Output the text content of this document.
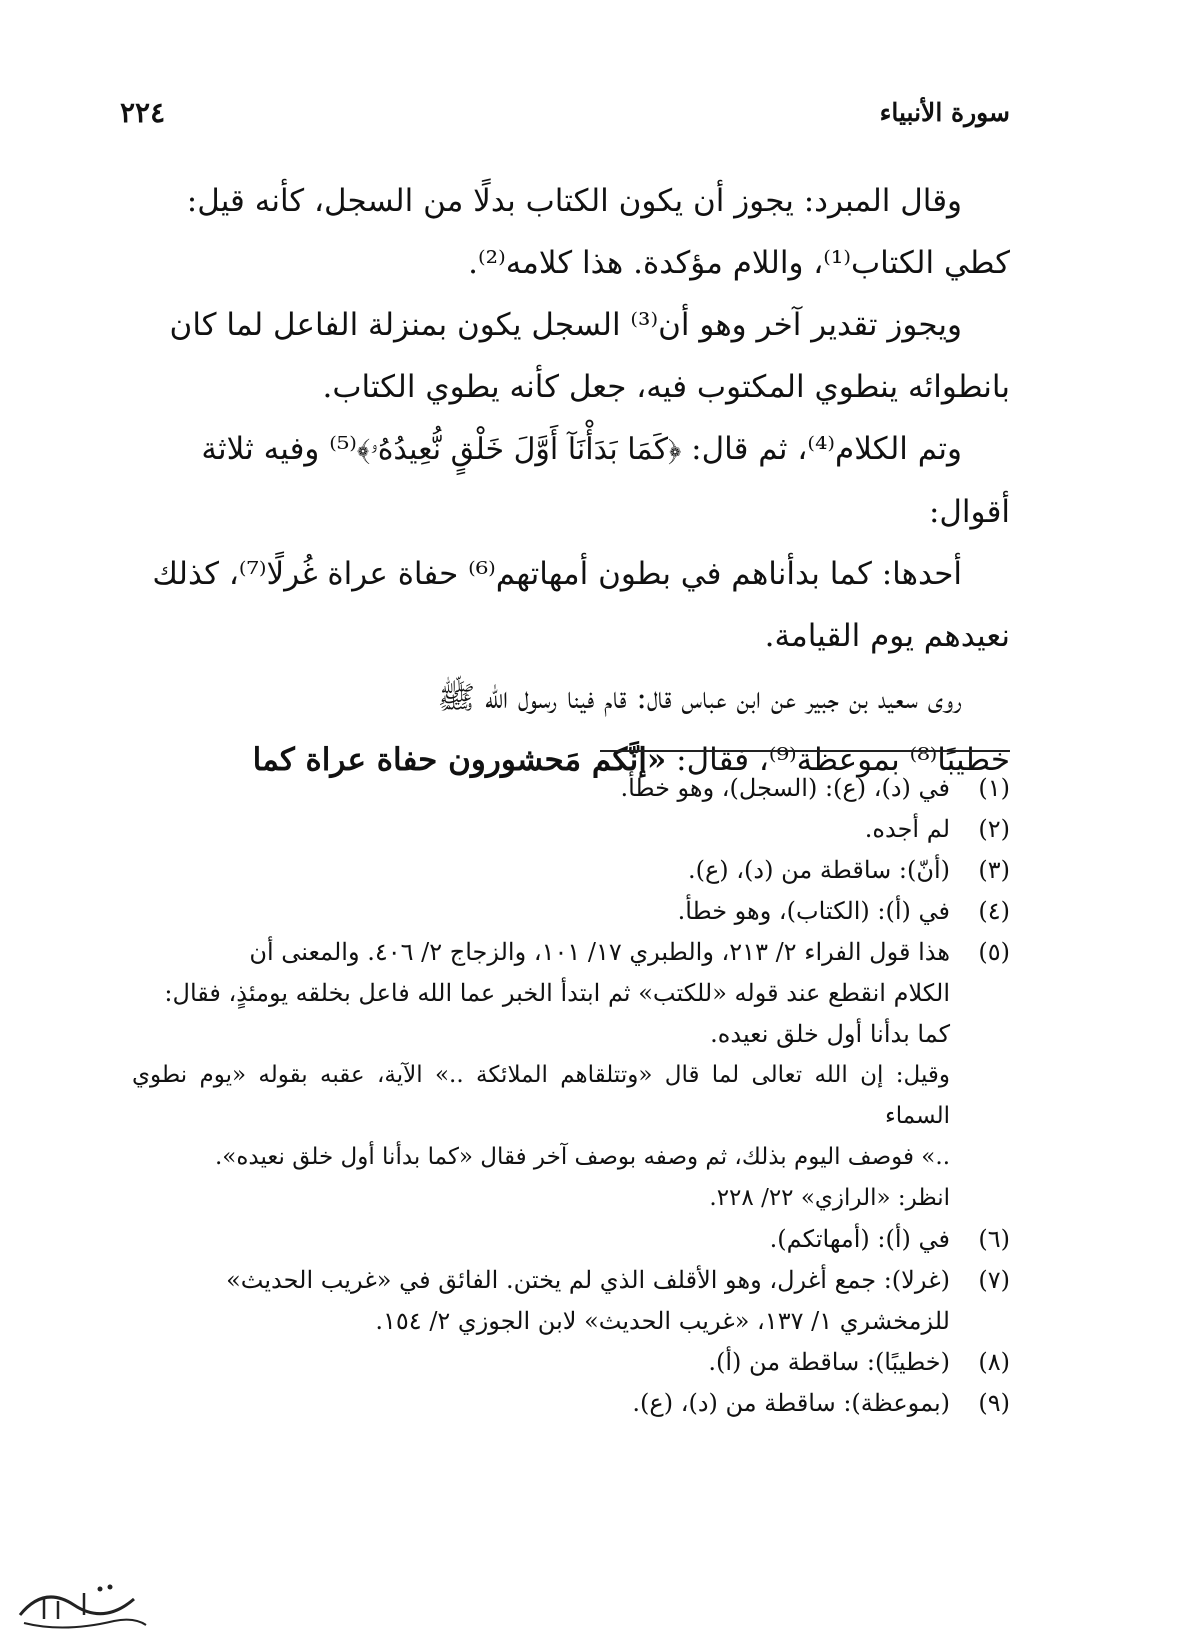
سورة الأنبياء
٢٢٤

وقال المبرد: يجوز أن يكون الكتاب بدلًا من السجل، كأنه قيل:
كطي الكتاب⁽¹⁾، واللام مؤكدة. هذا كلامه⁽²⁾.

ويجوز تقدير آخر وهو أن⁽³⁾ السجل يكون بمنزلة الفاعل لما كان
بانطوائه ينطوي المكتوب فيه، جعل كأنه يطوي الكتاب.

وتم الكلام⁽⁴⁾، ثم قال: ﴿كَمَا بَدَأْنَآ أَوَّلَ خَلْقٍ نُّعِيدُهُۥ﴾⁽⁵⁾ وفيه ثلاثة
أقوال:

أحدها: كما بدأناهم في بطون أمهاتهم⁽⁶⁾ حفاة عراة غُرلًا⁽⁷⁾، كذلك
نعيدهم يوم القيامة.

روى سعيد بن جبير عن ابن عباس قال: قام فينا رسول الله ﷺ
خطيبًا⁽⁸⁾ بموعظة⁽⁹⁾، فقال: «إنَّكم مَحشورون حفاة عراة كما

(١)
في (د)، (ع): (السجل)، وهو خطأ.
(٢)
لم أجده.
(٣)
(أنّ): ساقطة من (د)، (ع).
(٤)
في (أ): (الكتاب)، وهو خطأ.
(٥)
هذا قول الفراء ٢/ ٢١٣، والطبري ١٧/ ١٠١، والزجاج ٢/ ٤٠٦. والمعنى أن
الكلام انقطع عند قوله «للكتب» ثم ابتدأ الخبر عما الله فاعل بخلقه يومئذٍ، فقال:
كما بدأنا أول خلق نعيده.
وقيل: إن الله تعالى لما قال «وتتلقاهم الملائكة ..» الآية، عقبه بقوله «يوم نطوي السماء
..» فوصف اليوم بذلك، ثم وصفه بوصف آخر فقال «كما بدأنا أول خلق نعيده».
انظر: «الرازي» ٢٢/ ٢٢٨.
(٦)
في (أ): (أمهاتكم).
(٧)
(غرلا): جمع أغرل، وهو الأقلف الذي لم يختن. الفائق في «غريب الحديث»
للزمخشري ١/ ١٣٧، «غريب الحديث» لابن الجوزي ٢/ ١٥٤.
(٨)
(خطيبًا): ساقطة من (أ).
(٩)
(بموعظة): ساقطة من (د)، (ع).
